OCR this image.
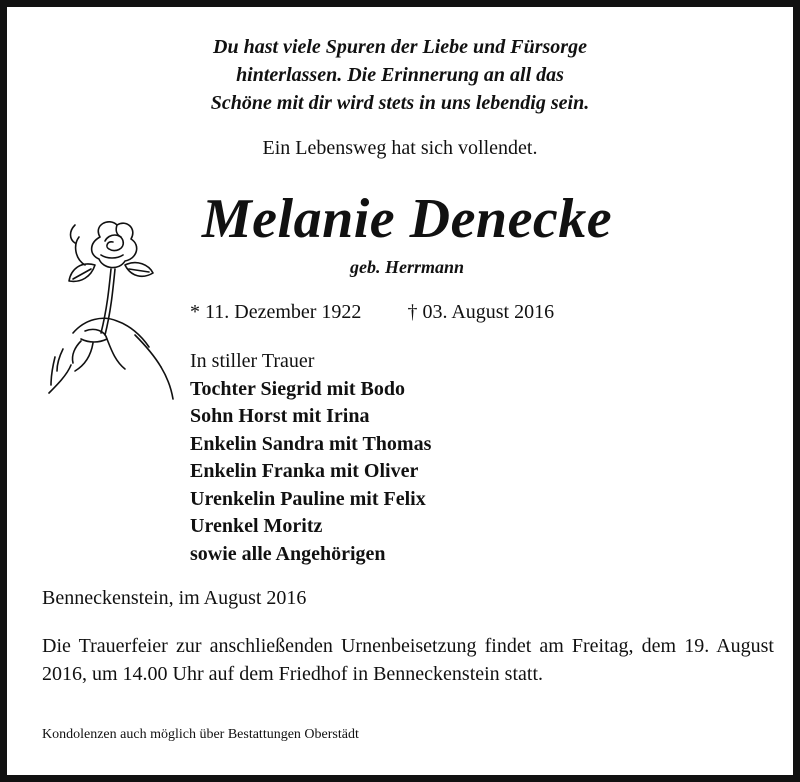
Du hast viele Spuren der Liebe und Fürsorge
hinterlassen. Die Erinnerung an all das
Schöne mit dir wird stets in uns lebendig sein.
Ein Lebensweg hat sich vollendet.
Melanie Denecke
geb. Herrmann
* 11. Dezember 1922 † 03. August 2016
In stiller Trauer
Tochter Siegrid mit Bodo
Sohn Horst mit Irina
Enkelin Sandra mit Thomas
Enkelin Franka mit Oliver
Urenkelin Pauline mit Felix
Urenkel Moritz
sowie alle Angehörigen
Benneckenstein, im August 2016
Die Trauerfeier zur anschließenden Urnenbeisetzung findet am Freitag, dem 19. August 2016, um 14.00 Uhr auf dem Friedhof in Benneckenstein statt.
Kondolenzen auch möglich über Bestattungen Oberstädt
